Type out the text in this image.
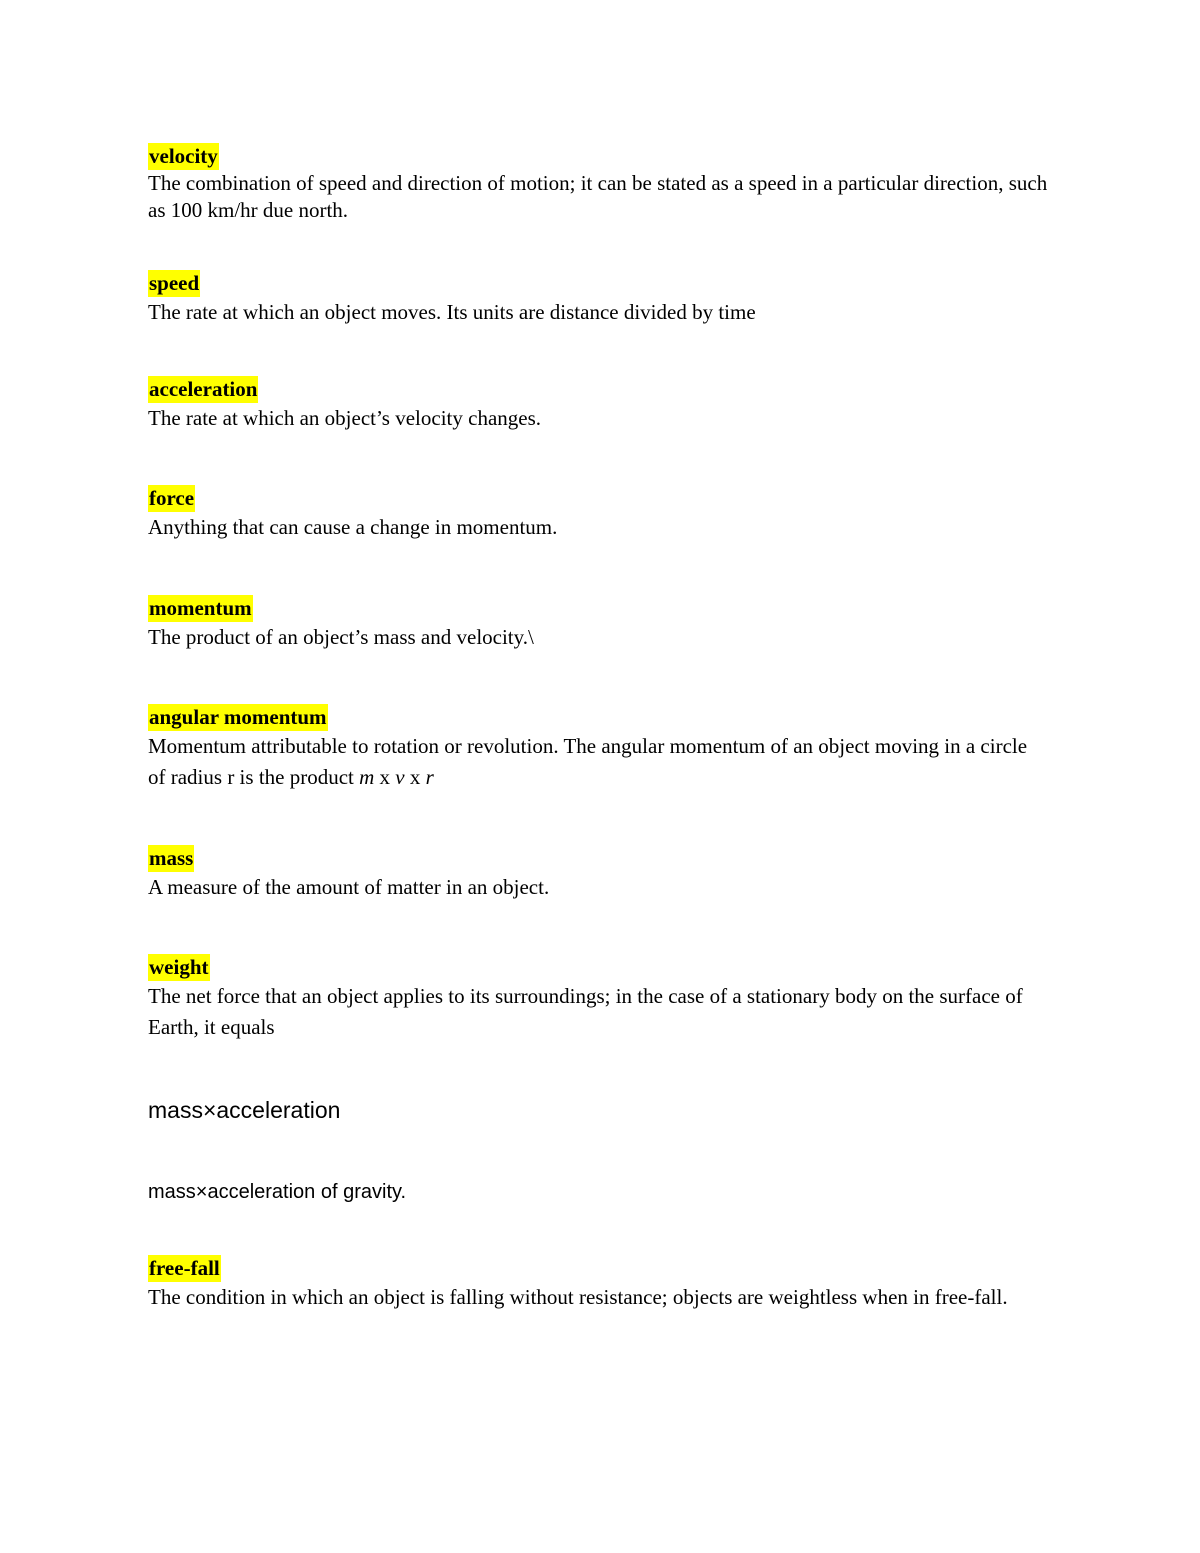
velocity

The combination of speed and direction of motion; it can be stated as a speed in a particular direction, such as 100 km/hr due north.

speed

The rate at which an object moves. Its units are distance divided by time

acceleration

The rate at which an object’s velocity changes.

force

Anything that can cause a change in momentum.

momentum

The product of an object’s mass and velocity.\

angular momentum

Momentum attributable to rotation or revolution. The angular momentum of an object moving in a circle of radius r is the product m x v x r

mass

A measure of the amount of matter in an object.

weight

The net force that an object applies to its surroundings; in the case of a stationary body on the surface of Earth, it equals

mass×acceleration
mass×acceleration of gravity.
free-fall

The condition in which an object is falling without resistance; objects are weightless when in free-fall.
